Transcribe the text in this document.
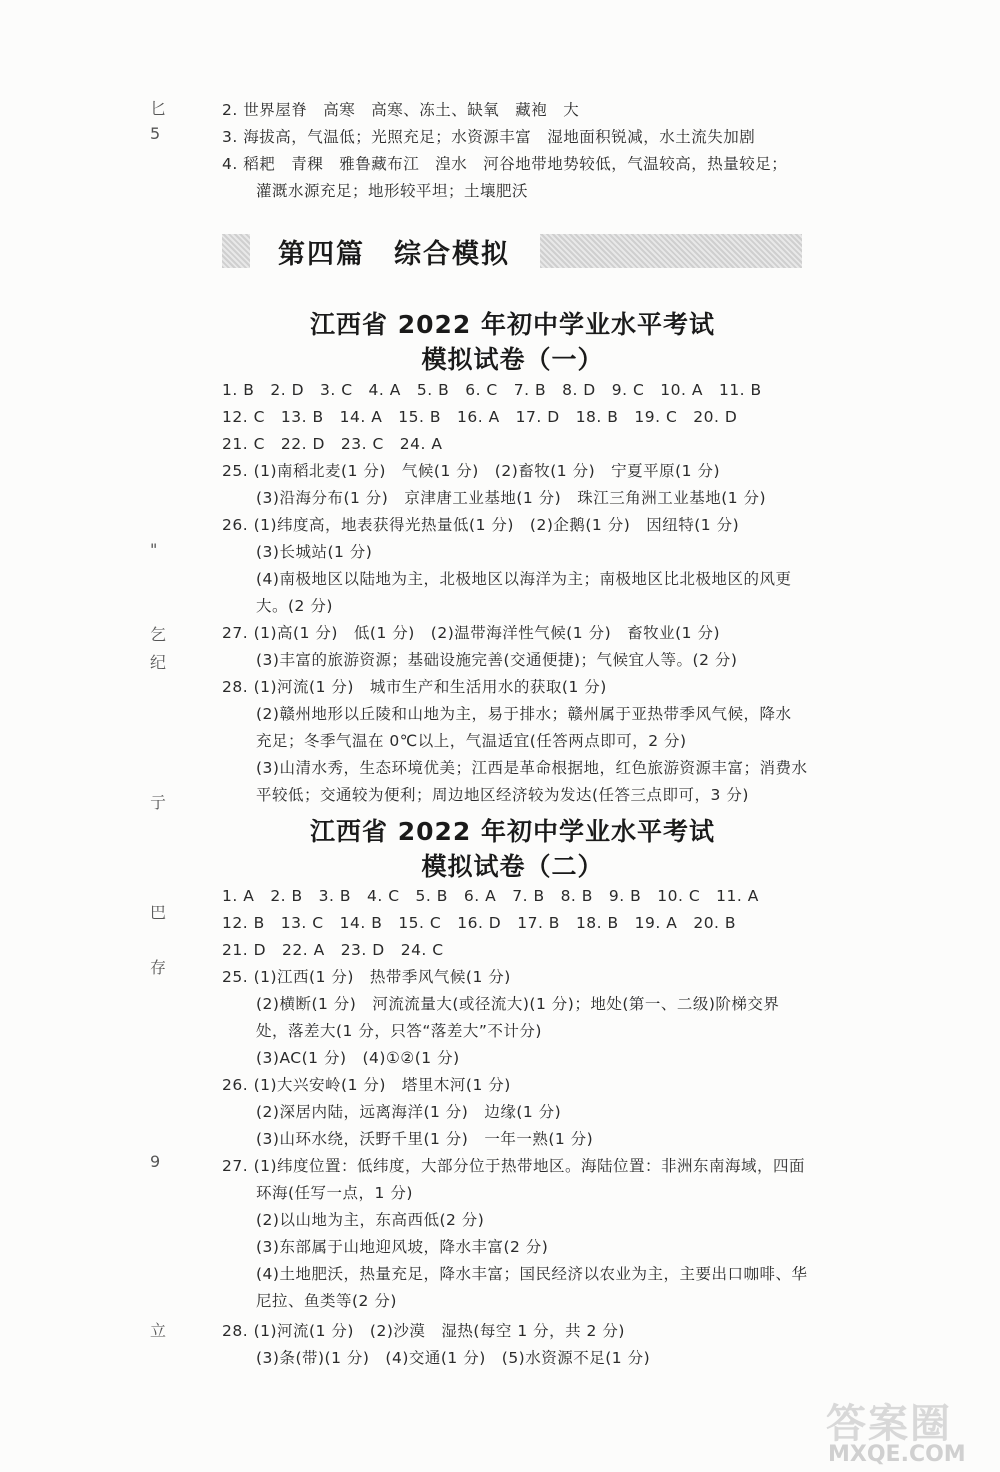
匕
5
"
乞
纪
亍
巴
存
9
立
2. 世界屋脊　高寒　高寒、冻土、缺氧　藏袍　大
3. 海拔高，气温低；光照充足；水资源丰富　湿地面积锐减，水土流失加剧
4. 稻耙　青稞　雅鲁藏布江　湟水　河谷地带地势较低，气温较高，热量较足；
灌溉水源充足；地形较平坦；土壤肥沃
第四篇　综合模拟
江西省 2022 年初中学业水平考试
模拟试卷（一）
1. B　2. D　3. C　4. A　5. B　6. C　7. B　8. D　9. C　10. A　11. B
12. C　13. B　14. A　15. B　16. A　17. D　18. B　19. C　20. D
21. C　22. D　23. C　24. A
25. (1)南稻北麦(1 分)　气候(1 分)　(2)畜牧(1 分)　宁夏平原(1 分)
(3)沿海分布(1 分)　京津唐工业基地(1 分)　珠江三角洲工业基地(1 分)
26. (1)纬度高，地表获得光热量低(1 分)　(2)企鹅(1 分)　因纽特(1 分)
(3)长城站(1 分)
(4)南极地区以陆地为主，北极地区以海洋为主；南极地区比北极地区的风更
大。(2 分)
27. (1)高(1 分)　低(1 分)　(2)温带海洋性气候(1 分)　畜牧业(1 分)
(3)丰富的旅游资源；基础设施完善(交通便捷)；气候宜人等。(2 分)
28. (1)河流(1 分)　城市生产和生活用水的获取(1 分)
(2)赣州地形以丘陵和山地为主，易于排水；赣州属于亚热带季风气候，降水
充足；冬季气温在 0℃以上，气温适宜(任答两点即可，2 分)
(3)山清水秀，生态环境优美；江西是革命根据地，红色旅游资源丰富；消费水
平较低；交通较为便利；周边地区经济较为发达(任答三点即可，3 分)
江西省 2022 年初中学业水平考试
模拟试卷（二）
1. A　2. B　3. B　4. C　5. B　6. A　7. B　8. B　9. B　10. C　11. A
12. B　13. C　14. B　15. C　16. D　17. B　18. B　19. A　20. B
21. D　22. A　23. D　24. C
25. (1)江西(1 分)　热带季风气候(1 分)
(2)横断(1 分)　河流流量大(或径流大)(1 分)；地处(第一、二级)阶梯交界
处，落差大(1 分，只答“落差大”不计分)
(3)AC(1 分)　(4)①②(1 分)
26. (1)大兴安岭(1 分)　塔里木河(1 分)
(2)深居内陆，远离海洋(1 分)　边缘(1 分)
(3)山环水绕，沃野千里(1 分)　一年一熟(1 分)
27. (1)纬度位置：低纬度，大部分位于热带地区。海陆位置：非洲东南海域，四面
环海(任写一点，1 分)
(2)以山地为主，东高西低(2 分)
(3)东部属于山地迎风坡，降水丰富(2 分)
(4)土地肥沃，热量充足，降水丰富；国民经济以农业为主，主要出口咖啡、华
尼拉、鱼类等(2 分)
28. (1)河流(1 分)　(2)沙漠　湿热(每空 1 分，共 2 分)
(3)条(带)(1 分)　(4)交通(1 分)　(5)水资源不足(1 分)
答案圈
MXQE.COM
